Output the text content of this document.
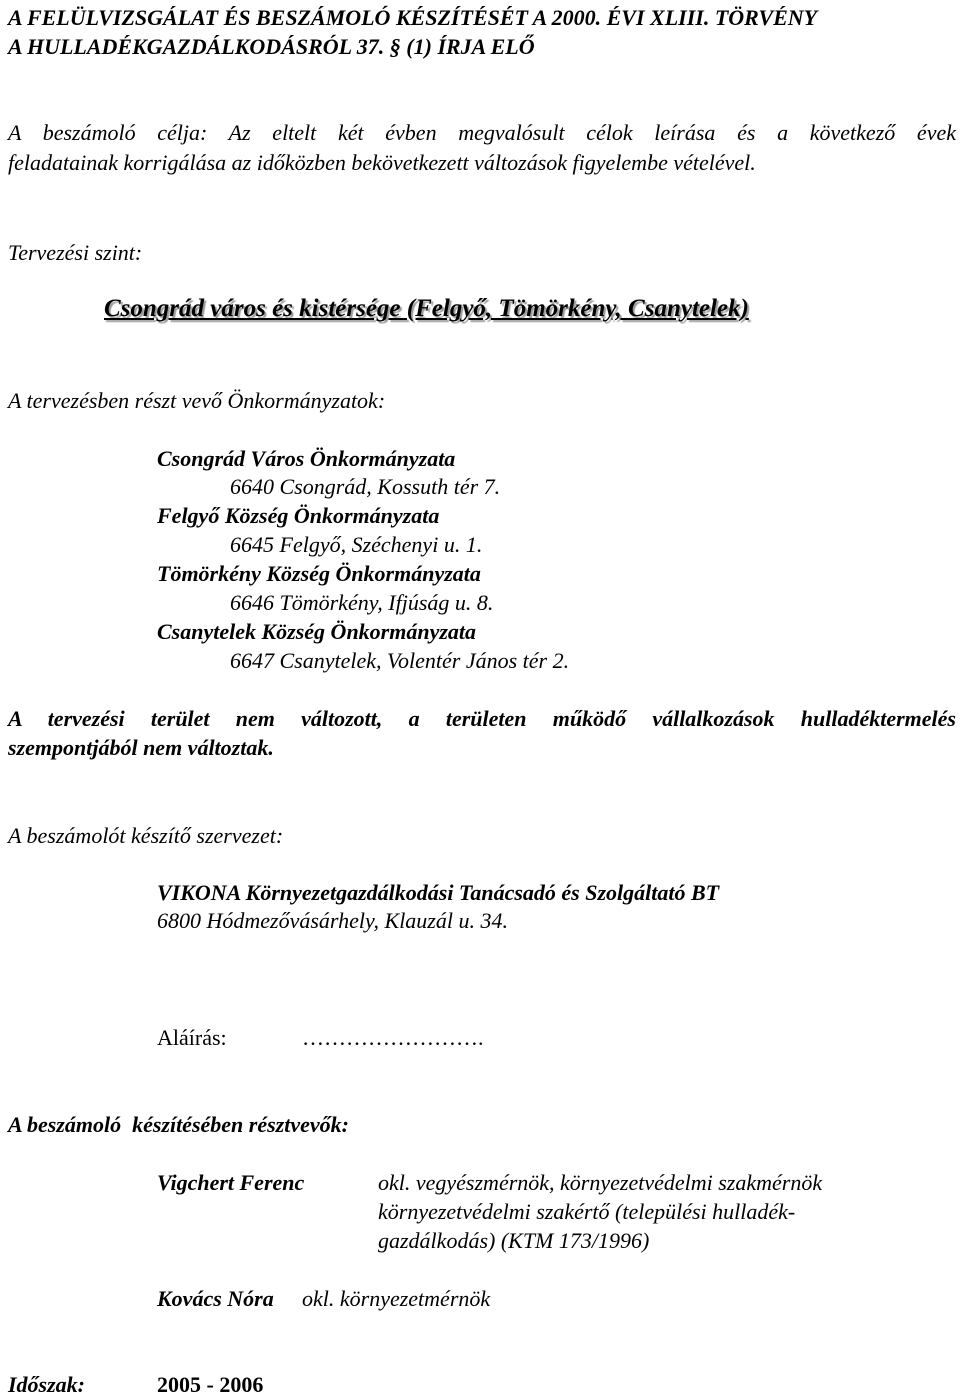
A FELÜLVIZSGÁLAT ÉS BESZÁMOLÓ KÉSZÍTÉSÉT A 2000. ÉVI XLIII. TÖRVÉNY
A HULLADÉKGAZDÁLKODÁSRÓL 37. § (1) ÍRJA ELŐ
A beszámoló célja: Az eltelt két évben megvalósult célok leírása és a következő évek
feladatainak korrigálása az időközben bekövetkezett változások figyelembe vételével.
Tervezési szint:
Csongrád város és kistérsége (Felgyő, Tömörkény, Csanytelek)
A tervezésben részt vevő Önkormányzatok:
Csongrád Város Önkormányzata
6640 Csongrád, Kossuth tér 7.
Felgyő Község Önkormányzata
6645 Felgyő, Széchenyi u. 1.
Tömörkény Község Önkormányzata
6646 Tömörkény, Ifjúság u. 8.
Csanytelek Község Önkormányzata
6647 Csanytelek, Volentér János tér 2.
A tervezési terület nem változott, a területen működő vállalkozások hulladéktermelés
szempontjából nem változtak.
A beszámolót készítő szervezet:
VIKONA Környezetgazdálkodási Tanácsadó és Szolgáltató BT
6800 Hódmezővásárhely, Klauzál u. 34.
Aláírás:	…………………….
A beszámoló  készítésében résztvevők:
Vigchert Ferenc	okl. vegyészmérnök, környezetvédelmi szakmérnök
környezetvédelmi szakértő (települési hulladék-
gazdálkodás) (KTM 173/1996)
Kovács Nóra okl. környezetmérnök
Időszak:	2005 - 2006
